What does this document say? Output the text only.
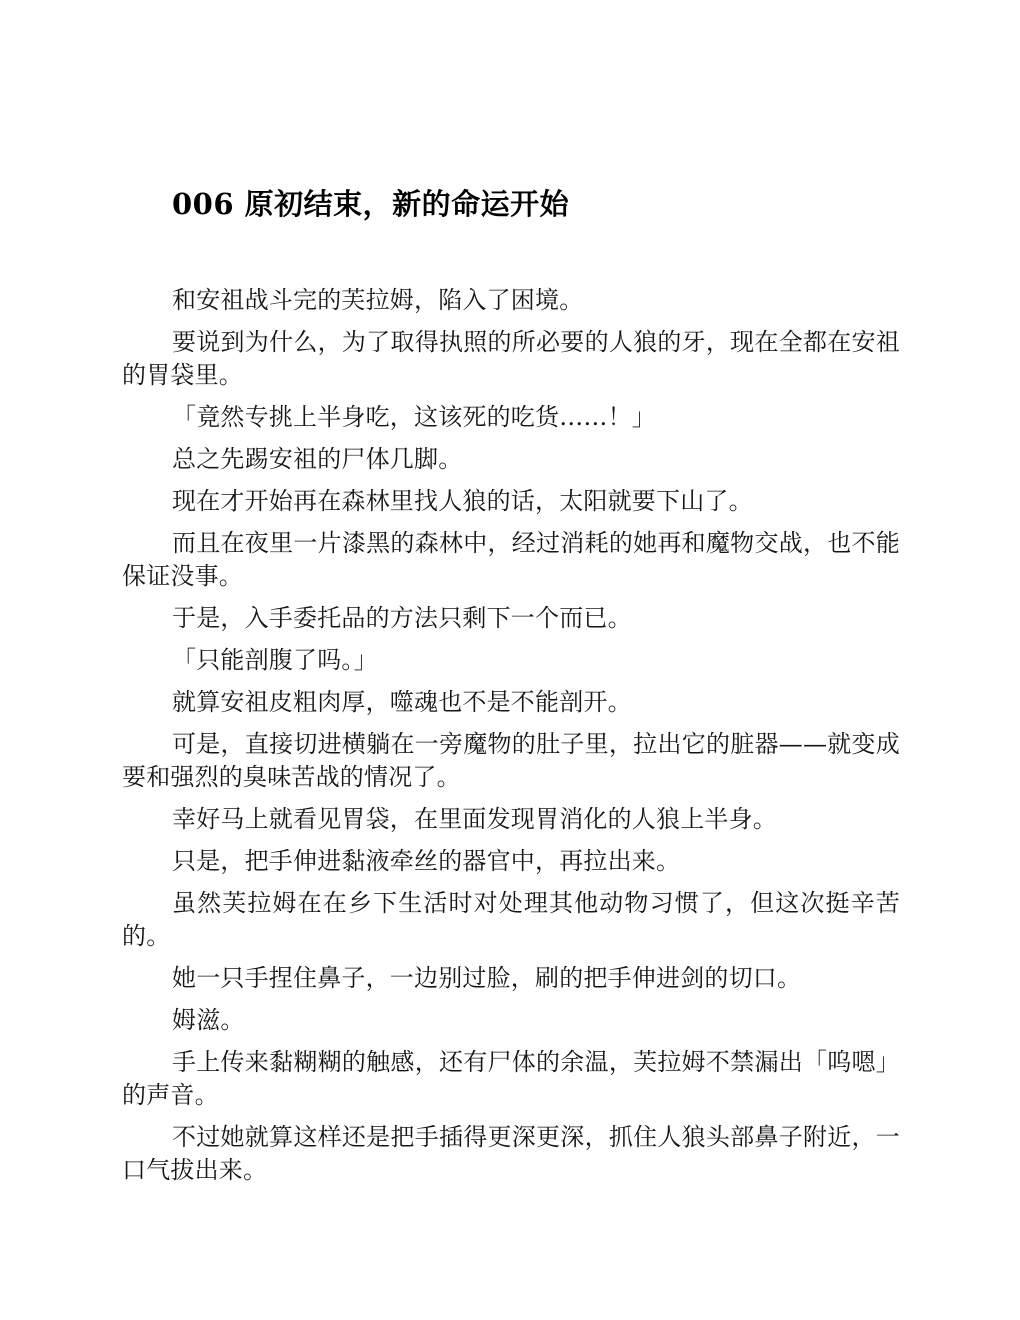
006 原初结束，新的命运开始

和安祖战斗完的芙拉姆，陷入了困境。

要说到为什么，为了取得执照的所必要的人狼的牙，现在全都在安祖的胃袋里。

「竟然专挑上半身吃，这该死的吃货……！」

总之先踢安祖的尸体几脚。

现在才开始再在森林里找人狼的话，太阳就要下山了。

而且在夜里一片漆黑的森林中，经过消耗的她再和魔物交战，也不能保证没事。

于是，入手委托品的方法只剩下一个而已。

「只能剖腹了吗。」

就算安祖皮粗肉厚，噬魂也不是不能剖开。

可是，直接切进横躺在一旁魔物的肚子里，拉出它的脏器——就变成要和强烈的臭味苦战的情况了。

幸好马上就看见胃袋，在里面发现胃消化的人狼上半身。

只是，把手伸进黏液牵丝的器官中，再拉出来。

虽然芙拉姆在在乡下生活时对处理其他动物习惯了，但这次挺辛苦的。

她一只手捏住鼻子，一边别过脸，刷的把手伸进剑的切口。

姆滋。

手上传来黏糊糊的触感，还有尸体的余温，芙拉姆不禁漏出「呜嗯」的声音。

不过她就算这样还是把手插得更深更深，抓住人狼头部鼻子附近，一口气拔出来。
